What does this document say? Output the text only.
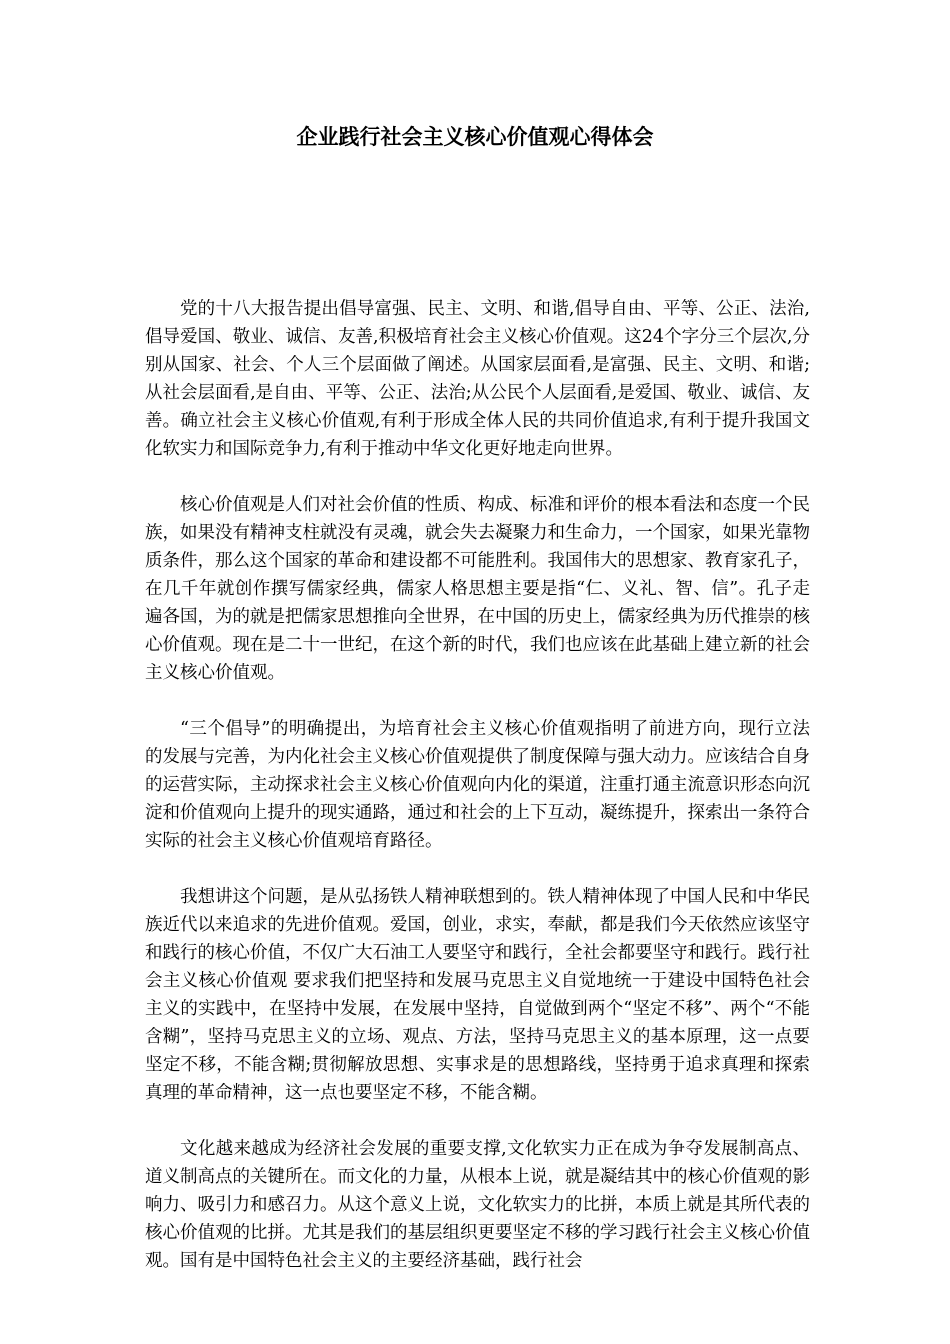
企业践行社会主义核心价值观心得体会

党的十八大报告提出倡导富强、民主、文明、和谐,倡导自由、平等、公正、法治,倡导爱国、敬业、诚信、友善,积极培育社会主义核心价值观。这24个字分三个层次,分别从国家、社会、个人三个层面做了阐述。从国家层面看,是富强、民主、文明、和谐;从社会层面看,是自由、平等、公正、法治;从公民个人层面看,是爱国、敬业、诚信、友善。确立社会主义核心价值观,有利于形成全体人民的共同价值追求,有利于提升我国文化软实力和国际竞争力,有利于推动中华文化更好地走向世界。

核心价值观是人们对社会价值的性质、构成、标准和评价的根本看法和态度一个民族，如果没有精神支柱就没有灵魂，就会失去凝聚力和生命力，一个国家，如果光靠物质条件，那么这个国家的革命和建设都不可能胜利。我国伟大的思想家、教育家孔子，在几千年就创作撰写儒家经典，儒家人格思想主要是指“仁、义礼、智、信”。孔子走遍各国，为的就是把儒家思想推向全世界，在中国的历史上，儒家经典为历代推崇的核心价值观。现在是二十一世纪，在这个新的时代，我们也应该在此基础上建立新的社会主义核心价值观。

“三个倡导”的明确提出，为培育社会主义核心价值观指明了前进方向，现行立法的发展与完善，为内化社会主义核心价值观提供了制度保障与强大动力。应该结合自身的运营实际，主动探求社会主义核心价值观向内化的渠道，注重打通主流意识形态向沉淀和价值观向上提升的现实通路，通过和社会的上下互动，凝练提升，探索出一条符合实际的社会主义核心价值观培育路径。

我想讲这个问题，是从弘扬铁人精神联想到的。铁人精神体现了中国人民和中华民族近代以来追求的先进价值观。爱国，创业，求实，奉献，都是我们今天依然应该坚守和践行的核心价值，不仅广大石油工人要坚守和践行，全社会都要坚守和践行。践行社会主义核心价值观 要求我们把坚持和发展马克思主义自觉地统一于建设中国特色社会主义的实践中，在坚持中发展，在发展中坚持，自觉做到两个“坚定不移”、两个“不能含糊”，坚持马克思主义的立场、观点、方法，坚持马克思主义的基本原理，这一点要坚定不移，不能含糊;贯彻解放思想、实事求是的思想路线，坚持勇于追求真理和探索真理的革命精神，这一点也要坚定不移，不能含糊。

文化越来越成为经济社会发展的重要支撑,文化软实力正在成为争夺发展制高点、道义制高点的关键所在。而文化的力量，从根本上说，就是凝结其中的核心价值观的影响力、吸引力和感召力。从这个意义上说，文化软实力的比拼，本质上就是其所代表的核心价值观的比拼。尤其是我们的基层组织更要坚定不移的学习践行社会主义核心价值观。国有是中国特色社会主义的主要经济基础，践行社会
